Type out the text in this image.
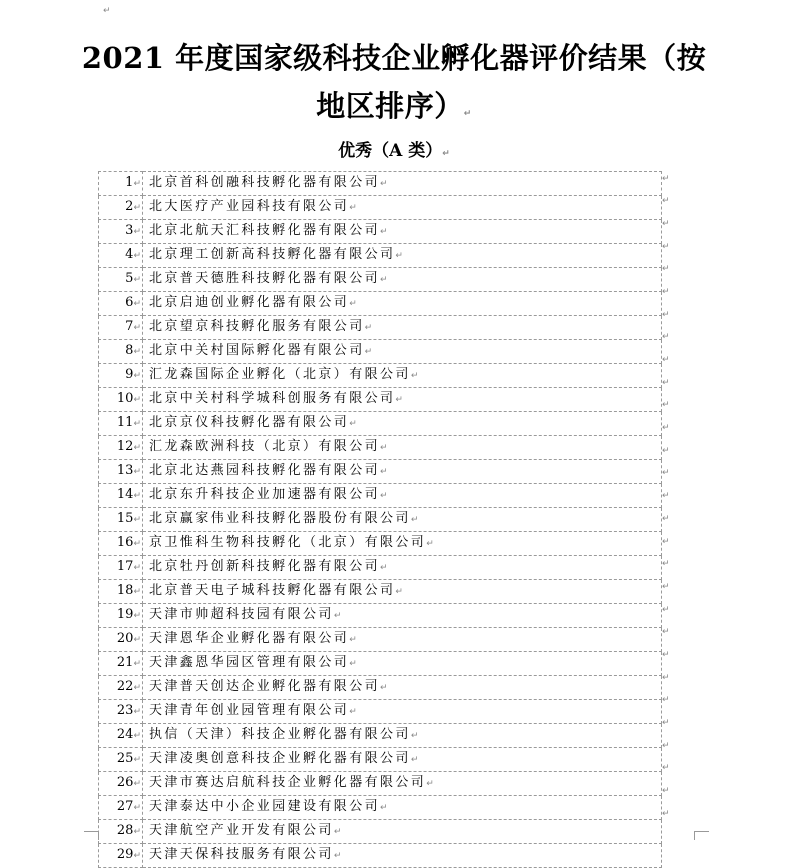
↵
2021 年度国家级科技企业孵化器评价结果（按
地区排序）↵
优秀（A 类）↵
1↵	北京首科创融科技孵化器有限公司↵
2↵	北大医疗产业园科技有限公司↵
3↵	北京北航天汇科技孵化器有限公司↵
4↵	北京理工创新高科技孵化器有限公司↵
5↵	北京普天德胜科技孵化器有限公司↵
6↵	北京启迪创业孵化器有限公司↵
7↵	北京望京科技孵化服务有限公司↵
8↵	北京中关村国际孵化器有限公司↵
9↵	汇龙森国际企业孵化（北京）有限公司↵
10↵	北京中关村科学城科创服务有限公司↵
11↵	北京京仪科技孵化器有限公司↵
12↵	汇龙森欧洲科技（北京）有限公司↵
13↵	北京北达燕园科技孵化器有限公司↵
14↵	北京东升科技企业加速器有限公司↵
15↵	北京赢家伟业科技孵化器股份有限公司↵
16↵	京卫惟科生物科技孵化（北京）有限公司↵
17↵	北京牡丹创新科技孵化器有限公司↵
18↵	北京普天电子城科技孵化器有限公司↵
19↵	天津市帅超科技园有限公司↵
20↵	天津恩华企业孵化器有限公司↵
21↵	天津鑫恩华园区管理有限公司↵
22↵	天津普天创达企业孵化器有限公司↵
23↵	天津青年创业园管理有限公司↵
24↵	执信（天津）科技企业孵化器有限公司↵
25↵	天津凌奥创意科技企业孵化器有限公司↵
26↵	天津市赛达启航科技企业孵化器有限公司↵
27↵	天津泰达中小企业园建设有限公司↵
28↵	天津航空产业开发有限公司↵
29↵	天津天保科技服务有限公司↵
↵
↵
↵
↵
↵
↵
↵
↵
↵
↵
↵
↵
↵
↵
↵
↵
↵
↵
↵
↵
↵
↵
↵
↵
↵
↵
↵
↵
↵
